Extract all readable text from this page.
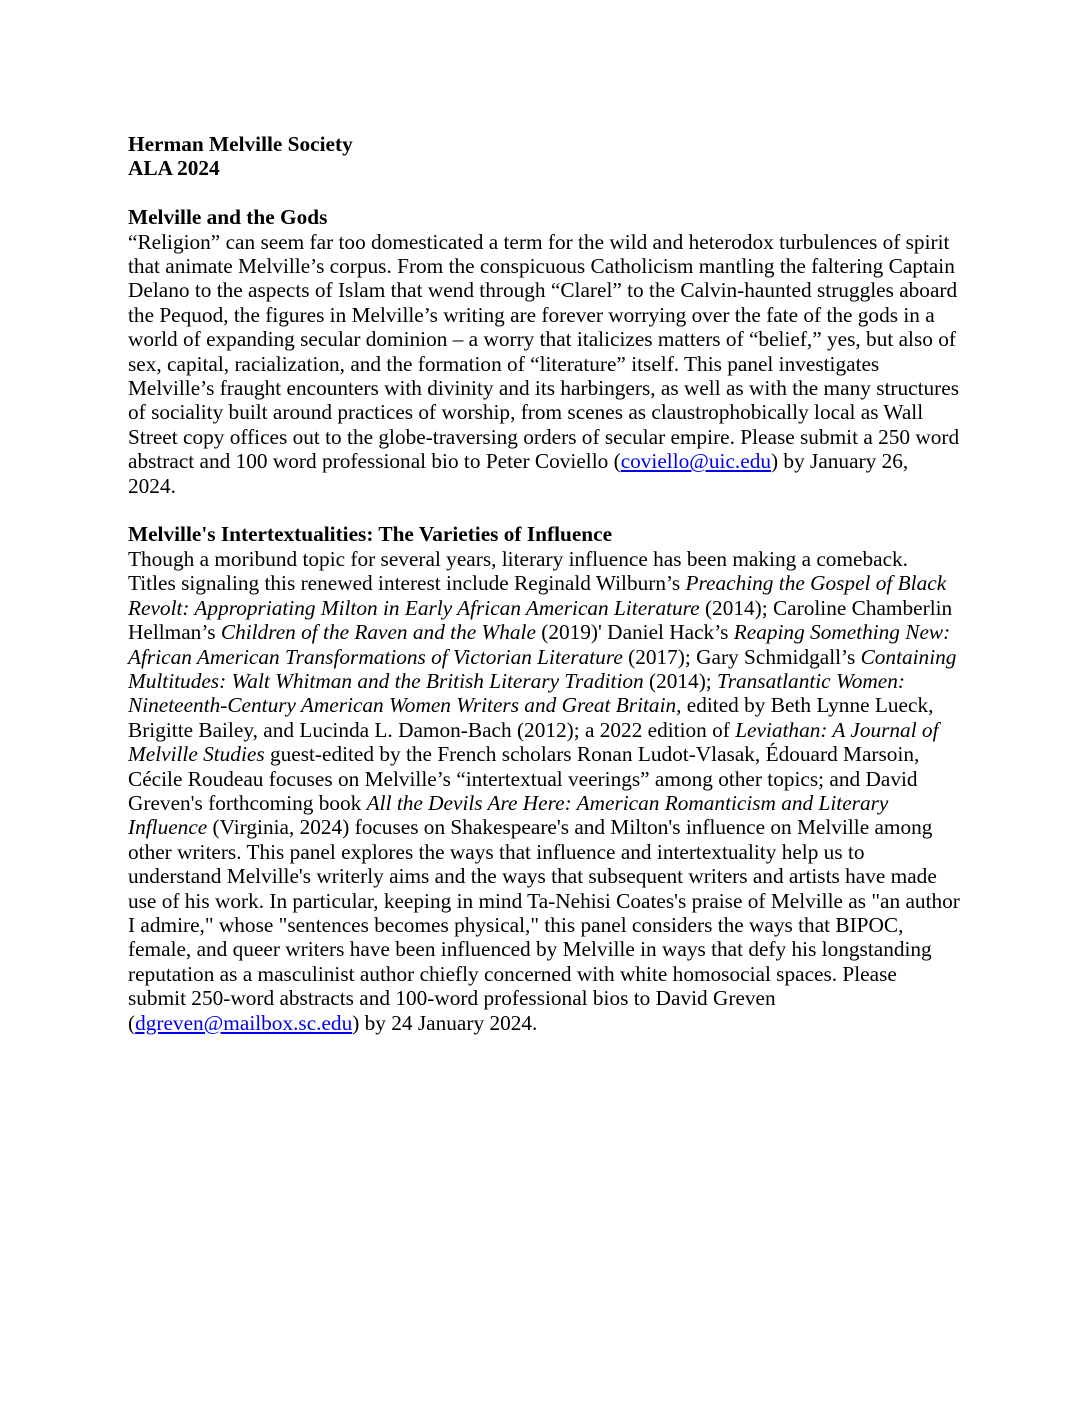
Herman Melville Society

ALA 2024

Melville and the Gods

“Religion” can seem far too domesticated a term for the wild and heterodox turbulences of spirit that animate Melville’s corpus. From the conspicuous Catholicism mantling the faltering Captain Delano to the aspects of Islam that wend through “Clarel” to the Calvin-haunted struggles aboard the Pequod, the figures in Melville’s writing are forever worrying over the fate of the gods in a world of expanding secular dominion – a worry that italicizes matters of “belief,” yes, but also of sex, capital, racialization, and the formation of “literature” itself. This panel investigates Melville’s fraught encounters with divinity and its harbingers, as well as with the many structures of sociality built around practices of worship, from scenes as claustrophobically local as Wall Street copy offices out to the globe-traversing orders of secular empire. Please submit a 250 word abstract and 100 word professional bio to Peter Coviello (coviello@uic.edu) by January 26, 2024.

Melville's Intertextualities: The Varieties of Influence

Though a moribund topic for several years, literary influence has been making a comeback. Titles signaling this renewed interest include Reginald Wilburn’s Preaching the Gospel of Black Revolt: Appropriating Milton in Early African American Literature (2014); Caroline Chamberlin Hellman’s Children of the Raven and the Whale (2019)' Daniel Hack’s Reaping Something New: African American Transformations of Victorian Literature (2017); Gary Schmidgall’s Containing Multitudes: Walt Whitman and the British Literary Tradition (2014); Transatlantic Women: Nineteenth-Century American Women Writers and Great Britain, edited by Beth Lynne Lueck, Brigitte Bailey, and Lucinda L. Damon-Bach (2012); a 2022 edition of Leviathan: A Journal of Melville Studies guest-edited by the French scholars Ronan Ludot-Vlasak, Édouard Marsoin, Cécile Roudeau focuses on Melville’s “intertextual veerings” among other topics; and David Greven's forthcoming book All the Devils Are Here: American Romanticism and Literary Influence (Virginia, 2024) focuses on Shakespeare's and Milton's influence on Melville among other writers. This panel explores the ways that influence and intertextuality help us to understand Melville's writerly aims and the ways that subsequent writers and artists have made use of his work. In particular, keeping in mind Ta-Nehisi Coates's praise of Melville as "an author I admire," whose "sentences becomes physical," this panel considers the ways that BIPOC, female, and queer writers have been influenced by Melville in ways that defy his longstanding reputation as a masculinist author chiefly concerned with white homosocial spaces. Please submit 250-word abstracts and 100-word professional bios to David Greven (dgreven@mailbox.sc.edu) by 24 January 2024.
